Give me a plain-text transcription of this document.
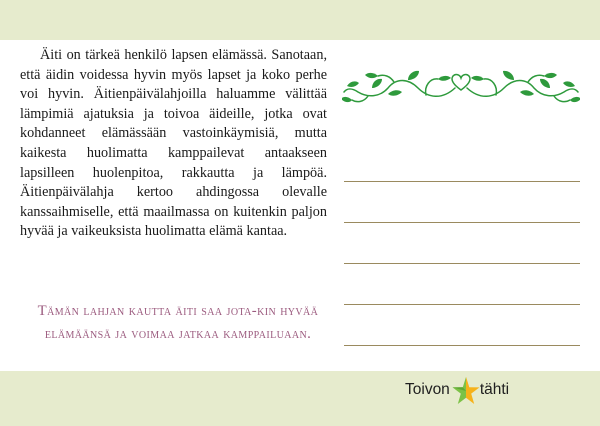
Äiti on tärkeä henkilö lapsen elämässä. Sanotaan, että äidin voidessa hyvin myös lapset ja koko perhe voi hyvin. Äitienpäivälahjoilla haluamme välittää lämpimiä ajatuksia ja toivoa äideille, jotka ovat kohdanneet elämässään vastoinkäymisiä, mutta kaikesta huolimatta kamppailevat antaakseen lapsilleen huolenpitoa, rakkautta ja lämpöä. Äitienpäivälahja kertoo ahdingossa olevalle kanssaihmiselle, että maailmassa on kuitenkin paljon hyvää ja vaikeuksista huolimatta elämä kantaa.

Tämän lahjan kautta äiti saa jota-kin hyvää elämäänsä ja voimaa jatkaa kamppailuaan.

Toivon tähti
